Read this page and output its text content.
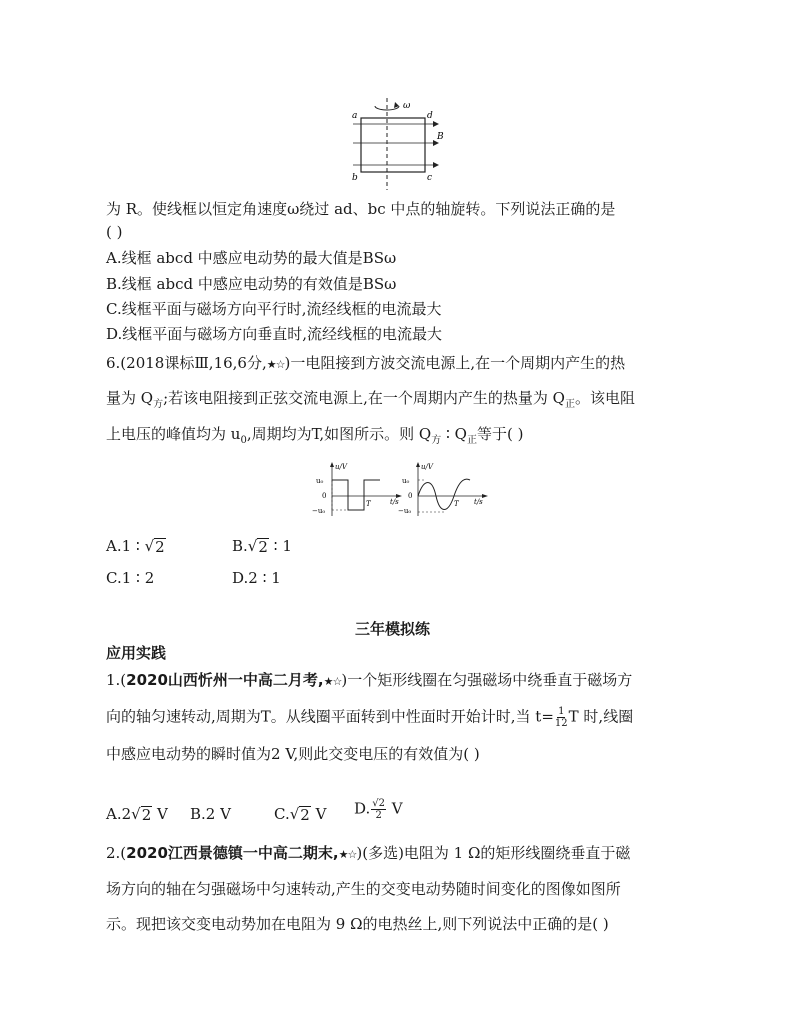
a	d
b	c
B
ω
为 R。使线框以恒定角速度ω绕过 ad、bc 中点的轴旋转。下列说法正确的是
( )
A.线框 abcd 中感应电动势的最大值是BSω
B.线框 abcd 中感应电动势的有效值是BSω
C.线框平面与磁场方向平行时,流经线框的电流最大
D.线框平面与磁场方向垂直时,流经线框的电流最大
6.(2018课标Ⅲ,16,6分,★☆)一电阻接到方波交流电源上,在一个周期内产生的热
量为 $Q_方$;若该电阻接到正弦交流电源上,在一个周期内产生的热量为 $Q_正$。该电阻
上电压的峰值均为 $u_0$,周期均为T,如图所示。则 $Q_方$ ∶ $Q_正$等于( )
u/V
u₀
0
−u₀
T	t/s
u/V
u₀
0
−u₀
T t/s
A.1 ∶ √ 2	B. √ 2 ∶ 1
C.1 ∶ 2	D.2 ∶ 1
三年模拟练
应用实践
1.(2020山西忻州一中高二月考,★☆)一个矩形线圈在匀强磁场中绕垂直于磁场方
向的轴匀速转动,周期为T。从线圈平面转到中性面时开始计时,当 $t= \frac{1}{12}$ T 时,线圈
中感应电动势的瞬时值为2 V,则此交变电压的有效值为( )
A.2 √ 2 V B.2 V	C. √ 2 V D. $\frac{√2}{2}$ V
2.(2020江西景德镇一中高二期末,★☆)(多选)电阻为 1 Ω的矩形线圈绕垂直于磁
场方向的轴在匀强磁场中匀速转动,产生的交变电动势随时间变化的图像如图所
示。现把该交变电动势加在电阻为 9 Ω的电热丝上,则下列说法中正确的是( )
